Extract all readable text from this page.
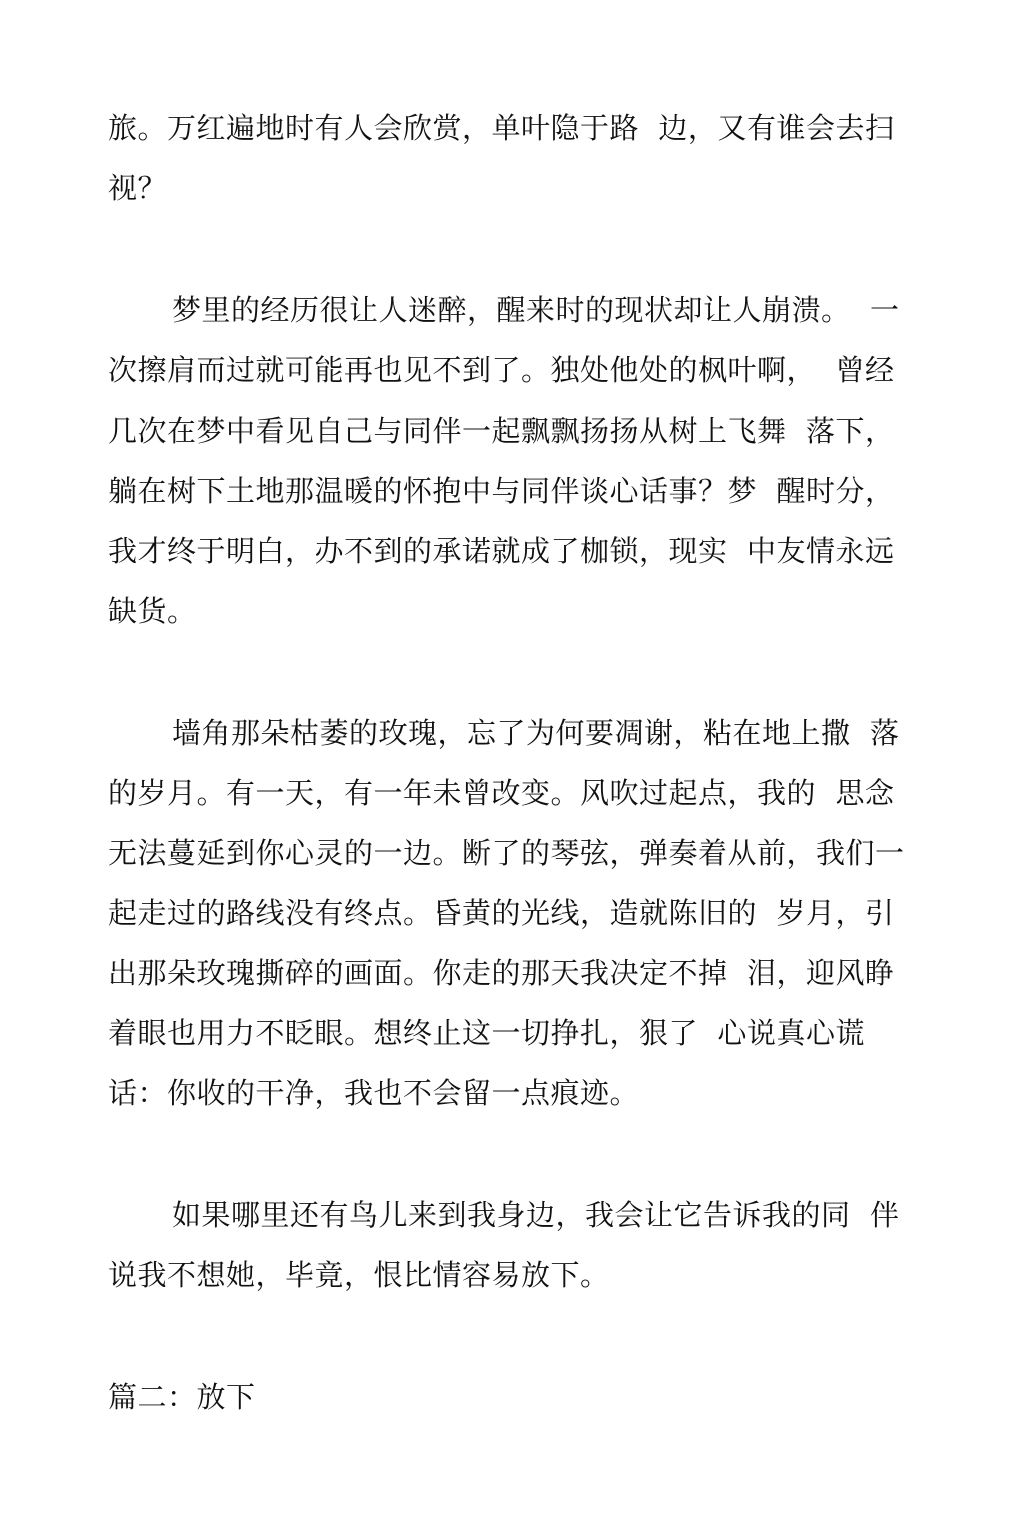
旅。万红遍地时有人会欣赏，单叶隐于路  边，又有谁会去扫
视？
梦里的经历很让人迷醉，醒来时的现状却让人崩溃。  一
次擦肩而过就可能再也见不到了。独处他处的枫叶啊，  曾经
几次在梦中看见自己与同伴一起飘飘扬扬从树上飞舞  落下，
躺在树下土地那温暖的怀抱中与同伴谈心话事？梦  醒时分，
我才终于明白，办不到的承诺就成了枷锁，现实  中友情永远
缺货。
墙角那朵枯萎的玫瑰，忘了为何要凋谢，粘在地上撒  落
的岁月。有一天，有一年未曾改变。风吹过起点，我的  思念
无法蔓延到你心灵的一边。断了的琴弦，弹奏着从前，我们一
起走过的路线没有终点。昏黄的光线，造就陈旧的  岁月，引
出那朵玫瑰撕碎的画面。你走的那天我决定不掉  泪，迎风睁
着眼也用力不眨眼。想终止这一切挣扎，狠了  心说真心谎
话：你收的干净，我也不会留一点痕迹。
如果哪里还有鸟儿来到我身边，我会让它告诉我的同  伴
说我不想她，毕竟，恨比情容易放下。
篇二：放下
